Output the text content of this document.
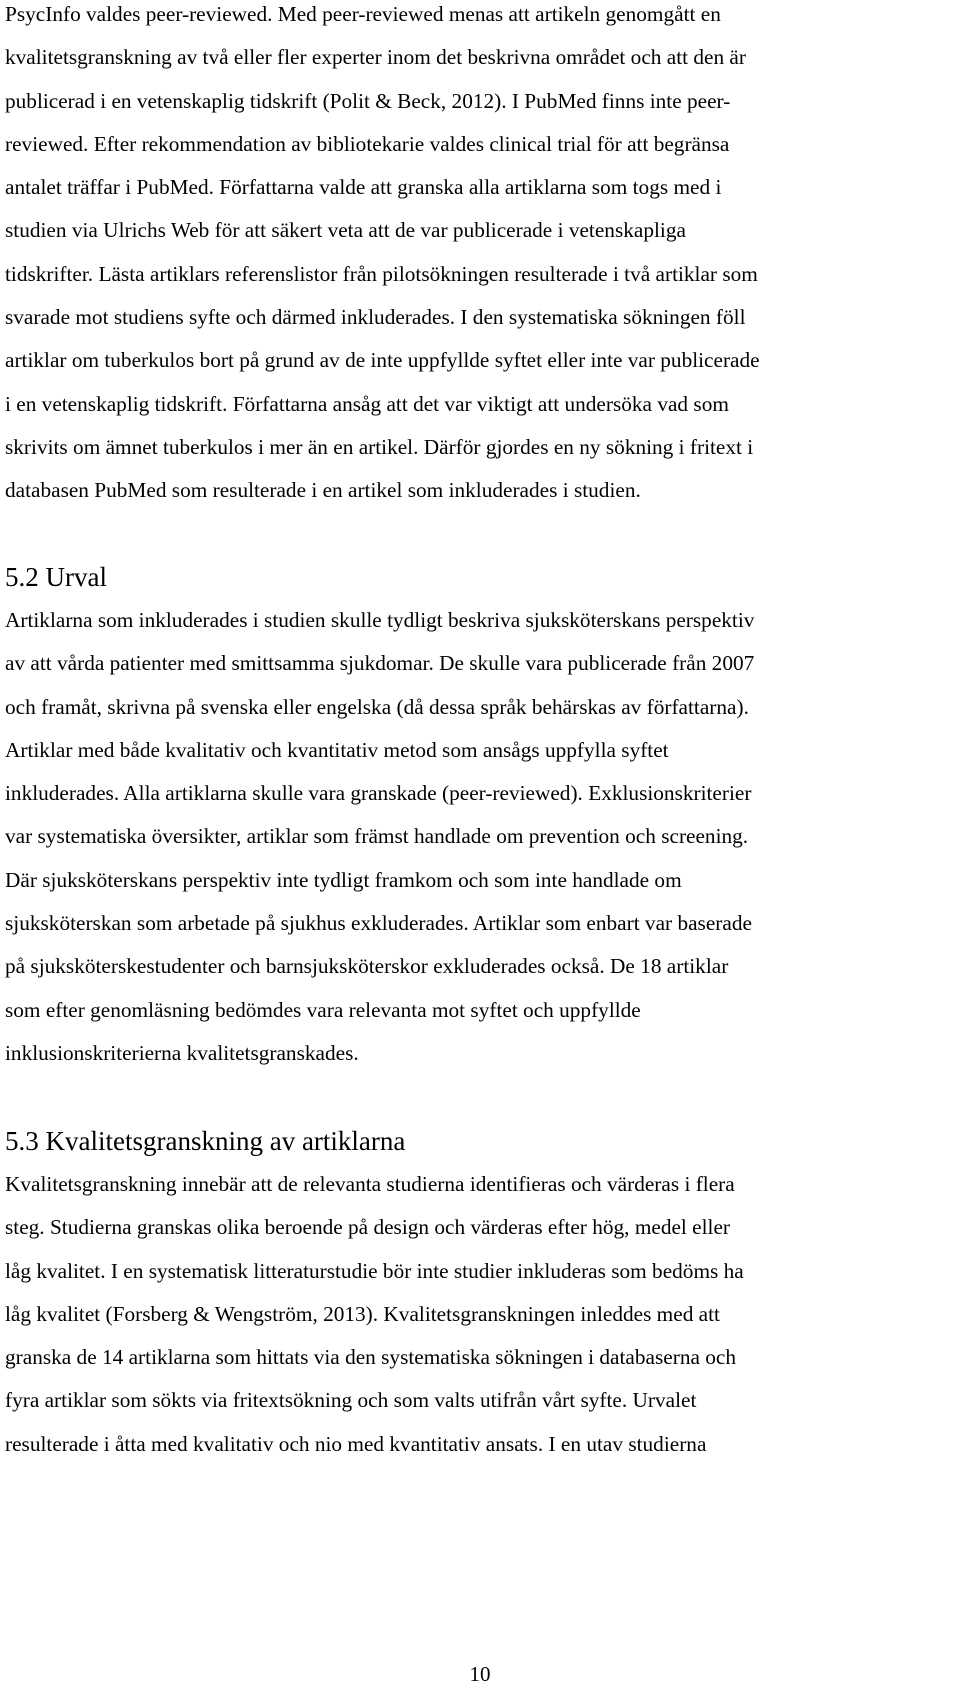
PsycInfo valdes peer-reviewed. Med peer-reviewed menas att artikeln genomgått en
kvalitetsgranskning av två eller fler experter inom det beskrivna området och att den är
publicerad i en vetenskaplig tidskrift (Polit & Beck, 2012). I PubMed finns inte peer-
reviewed. Efter rekommendation av bibliotekarie valdes clinical trial för att begränsa
antalet träffar i PubMed. Författarna valde att granska alla artiklarna som togs med i
studien via Ulrichs Web för att säkert veta att de var publicerade i vetenskapliga
tidskrifter. Lästa artiklars referenslistor från pilotsökningen resulterade i två artiklar som
svarade mot studiens syfte och därmed inkluderades. I den systematiska sökningen föll
artiklar om tuberkulos bort på grund av de inte uppfyllde syftet eller inte var publicerade
i en vetenskaplig tidskrift. Författarna ansåg att det var viktigt att undersöka vad som
skrivits om ämnet tuberkulos i mer än en artikel. Därför gjordes en ny sökning i fritext i
databasen PubMed som resulterade i en artikel som inkluderades i studien.

5.2 Urval

Artiklarna som inkluderades i studien skulle tydligt beskriva sjuksköterskans perspektiv
av att vårda patienter med smittsamma sjukdomar. De skulle vara publicerade från 2007
och framåt, skrivna på svenska eller engelska (då dessa språk behärskas av författarna).
Artiklar med både kvalitativ och kvantitativ metod som ansågs uppfylla syftet
inkluderades. Alla artiklarna skulle vara granskade (peer-reviewed). Exklusionskriterier
var systematiska översikter, artiklar som främst handlade om prevention och screening.
Där sjuksköterskans perspektiv inte tydligt framkom och som inte handlade om
sjuksköterskan som arbetade på sjukhus exkluderades. Artiklar som enbart var baserade
på sjuksköterskestudenter och barnsjuksköterskor exkluderades också. De 18 artiklar
som efter genomläsning bedömdes vara relevanta mot syftet och uppfyllde
inklusionskriterierna kvalitetsgranskades.

5.3 Kvalitetsgranskning av artiklarna

Kvalitetsgranskning innebär att de relevanta studierna identifieras och värderas i flera
steg. Studierna granskas olika beroende på design och värderas efter hög, medel eller
låg kvalitet. I en systematisk litteraturstudie bör inte studier inkluderas som bedöms ha
låg kvalitet (Forsberg & Wengström, 2013). Kvalitetsgranskningen inleddes med att
granska de 14 artiklarna som hittats via den systematiska sökningen i databaserna och
fyra artiklar som sökts via fritextsökning och som valts utifrån vårt syfte. Urvalet
resulterade i åtta med kvalitativ och nio med kvantitativ ansats. I en utav studierna

10
